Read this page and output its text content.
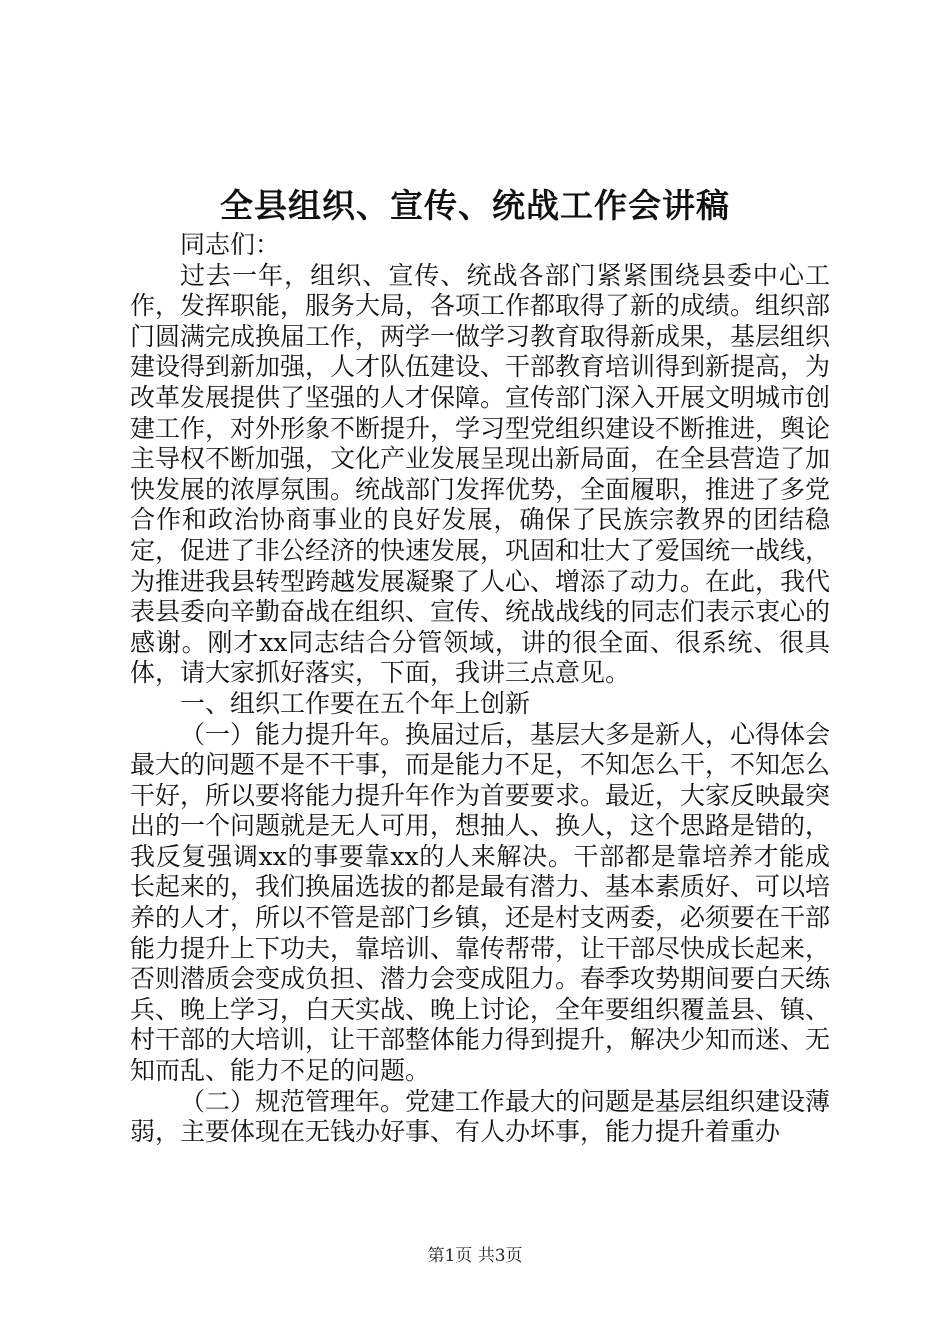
全县组织、宣传、统战工作会讲稿

同志们：

过去一年，组织、宣传、统战各部门紧紧围绕县委中心工作，发挥职能，服务大局，各项工作都取得了新的成绩。组织部门圆满完成换届工作，两学一做学习教育取得新成果，基层组织建设得到新加强，人才队伍建设、干部教育培训得到新提高，为改革发展提供了坚强的人才保障。宣传部门深入开展文明城市创建工作，对外形象不断提升，学习型党组织建设不断推进，舆论主导权不断加强，文化产业发展呈现出新局面，在全县营造了加快发展的浓厚氛围。统战部门发挥优势，全面履职，推进了多党合作和政治协商事业的良好发展，确保了民族宗教界的团结稳定，促进了非公经济的快速发展，巩固和壮大了爱国统一战线，为推进我县转型跨越发展凝聚了人心、增添了动力。在此，我代表县委向辛勤奋战在组织、宣传、统战战线的同志们表示衷心的感谢。刚才xx同志结合分管领域，讲的很全面、很系统、很具体，请大家抓好落实，下面，我讲三点意见。

一、组织工作要在五个年上创新

（一）能力提升年。换届过后，基层大多是新人，心得体会最大的问题不是不干事，而是能力不足，不知怎么干，不知怎么干好，所以要将能力提升年作为首要要求。最近，大家反映最突出的一个问题就是无人可用，想抽人、换人，这个思路是错的，我反复强调xx的事要靠xx的人来解决。干部都是靠培养才能成长起来的，我们换届选拔的都是最有潜力、基本素质好、可以培养的人才，所以不管是部门乡镇，还是村支两委，必须要在干部能力提升上下功夫，靠培训、靠传帮带，让干部尽快成长起来，否则潜质会变成负担、潜力会变成阻力。春季攻势期间要白天练兵、晚上学习，白天实战、晚上讨论，全年要组织覆盖县、镇、村干部的大培训，让干部整体能力得到提升，解决少知而迷、无知而乱、能力不足的问题。

（二）规范管理年。党建工作最大的问题是基层组织建设薄弱，主要体现在无钱办好事、有人办坏事，能力提升着重办

第1页 共3页
